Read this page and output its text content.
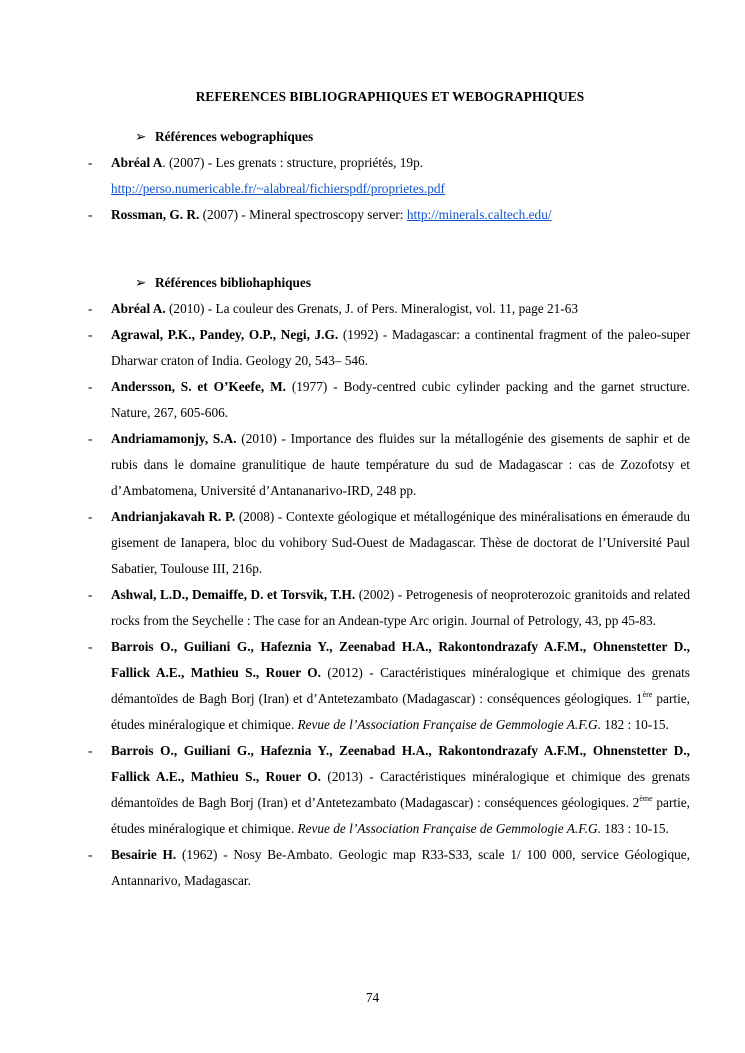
REFERENCES BIBLIOGRAPHIQUES ET WEBOGRAPHIQUES

➢ Références webographiques

- Abréal A. (2007) - Les grenats : structure, propriétés, 19p.
http://perso.numericable.fr/~alabreal/fichierspdf/proprietes.pdf
- Rossman, G. R. (2007) - Mineral spectroscopy server: http://minerals.caltech.edu/

➢ Références bibliohaphiques

- Abréal A. (2010) - La couleur des Grenats, J. of Pers. Mineralogist, vol. 11, page 21-63
- Agrawal, P.K., Pandey, O.P., Negi, J.G. (1992) - Madagascar: a continental fragment of the paleo-super Dharwar craton of India. Geology 20, 543– 546.
- Andersson, S. et O’Keefe, M. (1977) - Body-centred cubic cylinder packing and the garnet structure. Nature, 267, 605-606.
- Andriamamonjy, S.A. (2010) - Importance des fluides sur la métallogénie des gisements de saphir et de rubis dans le domaine granulitique de haute température du sud de Madagascar : cas de Zozofotsy et d’Ambatomena, Université d’Antananarivo-IRD, 248 pp.
- Andrianjakavah R. P. (2008) - Contexte géologique et métallogénique des minéralisations en émeraude du gisement de Ianapera, bloc du vohibory Sud-Ouest de Madagascar. Thèse de doctorat de l’Université Paul Sabatier, Toulouse III, 216p.
- Ashwal, L.D., Demaiffe, D. et Torsvik, T.H. (2002) - Petrogenesis of neoproterozoic granitoids and related rocks from the Seychelle : The case for an Andean-type Arc origin. Journal of Petrology, 43, pp 45-83.
- Barrois O., Guiliani G., Hafeznia Y., Zeenabad H.A., Rakontondrazafy A.F.M., Ohnenstetter D., Fallick A.E., Mathieu S., Rouer O. (2012) - Caractéristiques minéralogique et chimique des grenats démantoïdes de Bagh Borj (Iran) et d’Antetezambato (Madagascar) : conséquences géologiques. 1ère partie, études minéralogique et chimique. Revue de l’Association Française de Gemmologie A.F.G. 182 : 10-15.
- Barrois O., Guiliani G., Hafeznia Y., Zeenabad H.A., Rakontondrazafy A.F.M., Ohnenstetter D., Fallick A.E., Mathieu S., Rouer O. (2013) - Caractéristiques minéralogique et chimique des grenats démantoïdes de Bagh Borj (Iran) et d’Antetezambato (Madagascar) : conséquences géologiques. 2ème partie, études minéralogique et chimique. Revue de l’Association Française de Gemmologie A.F.G. 183 : 10-15.
- Besairie H. (1962) - Nosy Be-Ambato. Geologic map R33-S33, scale 1/ 100 000, service Géologique, Antannarivo, Madagascar.

74
